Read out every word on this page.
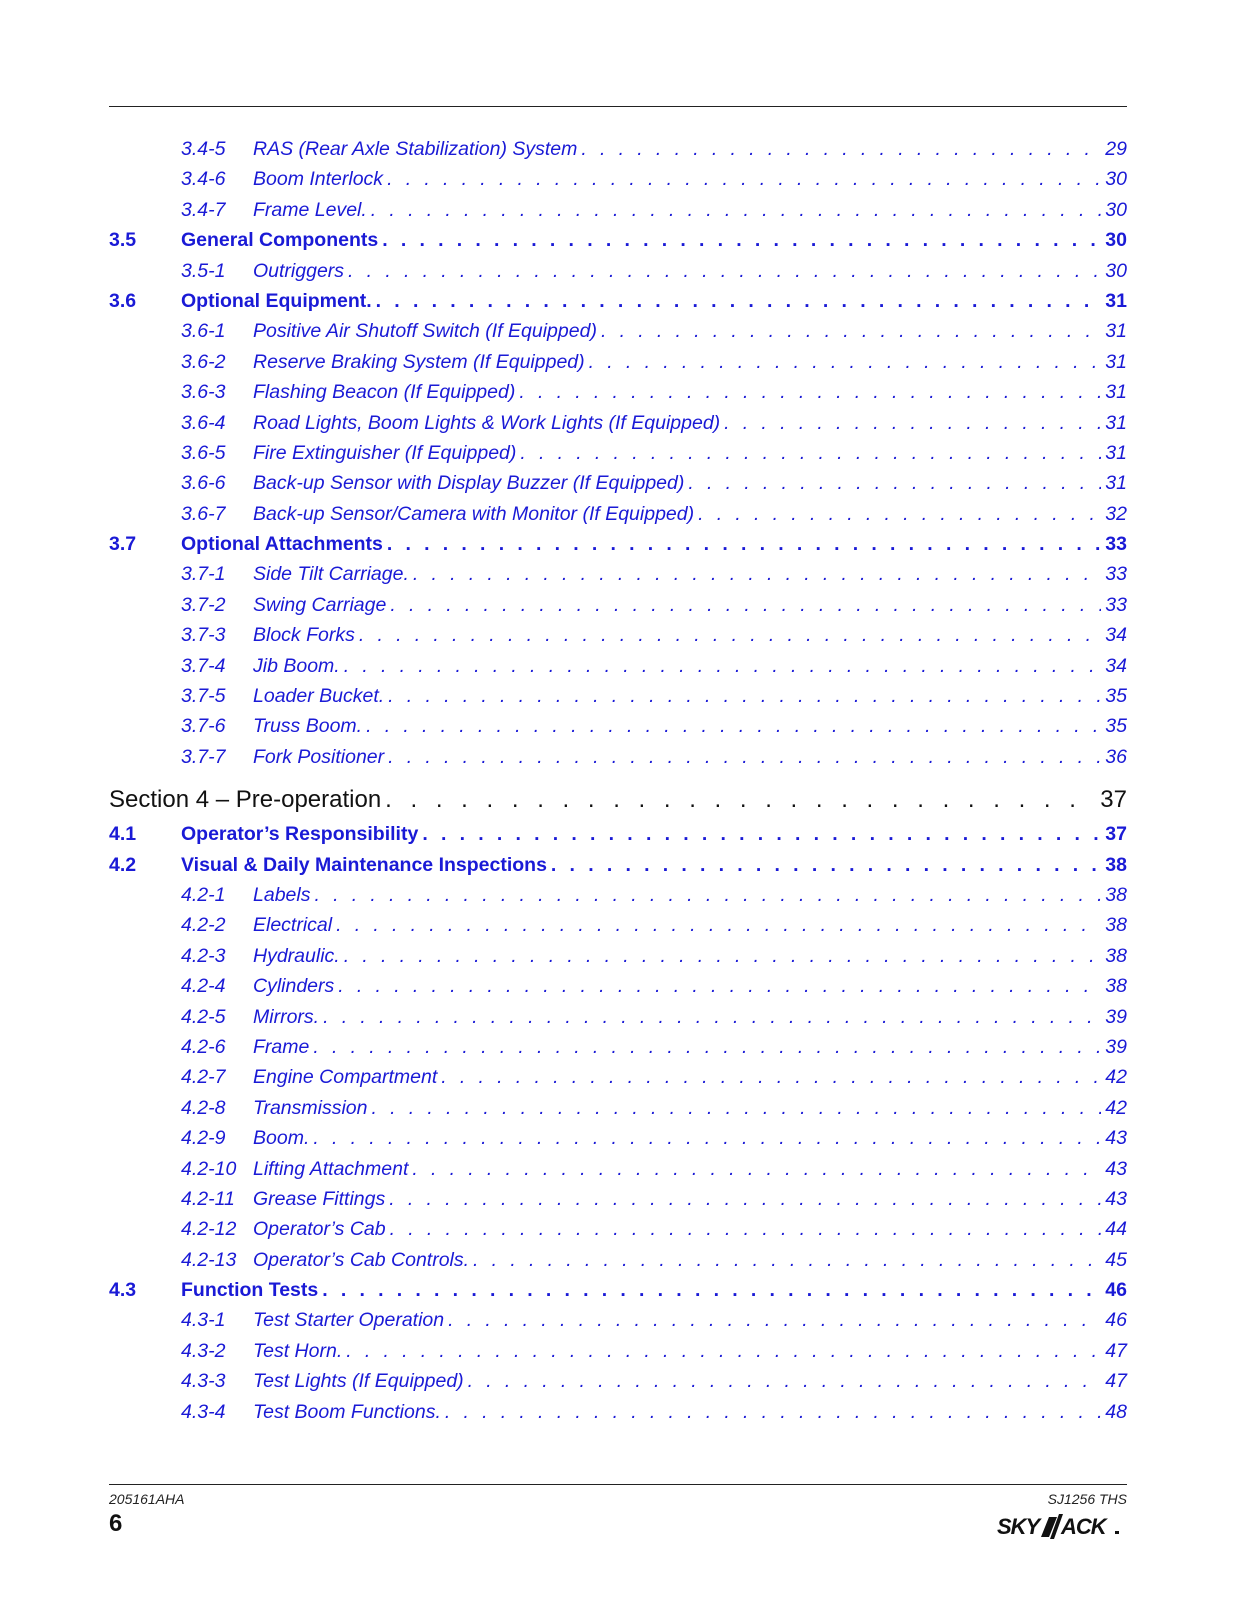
3.4-5	RAS (Rear Axle Stabilization) System . . .	29
3.4-6	Boom Interlock . . .	30
3.4-7	Frame Level. . . .	30
3.5	General Components . . .	30
3.5-1	Outriggers . . .	30
3.6	Optional Equipment. . . .	31
3.6-1	Positive Air Shutoff Switch (If Equipped) . . .	31
3.6-2	Reserve Braking System (If Equipped) . . .	31
3.6-3	Flashing Beacon (If Equipped) . . .	31
3.6-4	Road Lights, Boom Lights & Work Lights (If Equipped) . . .	31
3.6-5	Fire Extinguisher (If Equipped) . . .	31
3.6-6	Back-up Sensor with Display Buzzer (If Equipped) . . .	31
3.6-7	Back-up Sensor/Camera with Monitor (If Equipped) . . .	32
3.7	Optional Attachments . . .	33
3.7-1	Side Tilt Carriage. . . .	33
3.7-2	Swing Carriage . . .	33
3.7-3	Block Forks . . .	34
3.7-4	Jib Boom. . . .	34
3.7-5	Loader Bucket. . . .	35
3.7-6	Truss Boom. . . .	35
3.7-7	Fork Positioner . . .	36
Section 4 – Pre-operation . . .	37
4.1	Operator’s Responsibility . . .	37
4.2	Visual & Daily Maintenance Inspections . . .	38
4.2-1	Labels . . .	38
4.2-2	Electrical . . .	38
4.2-3	Hydraulic. . . .	38
4.2-4	Cylinders . . .	38
4.2-5	Mirrors. . . .	39
4.2-6	Frame . . .	39
4.2-7	Engine Compartment . . .	42
4.2-8	Transmission . . .	42
4.2-9	Boom. . . .	43
4.2-10 Lifting Attachment . . .	43
4.2-11 Grease Fittings . . .	43
4.2-12 Operator’s Cab . . .	44
4.2-13 Operator’s Cab Controls. . . .	45
4.3	Function Tests . . .	46
4.3-1	Test Starter Operation . . .	46
4.3-2	Test Horn. . . .	47
4.3-3	Test Lights (If Equipped) . . .	47
4.3-4	Test Boom Functions. . . .	48
205161AHA	SJ1256 THS
6	SKY ACK
